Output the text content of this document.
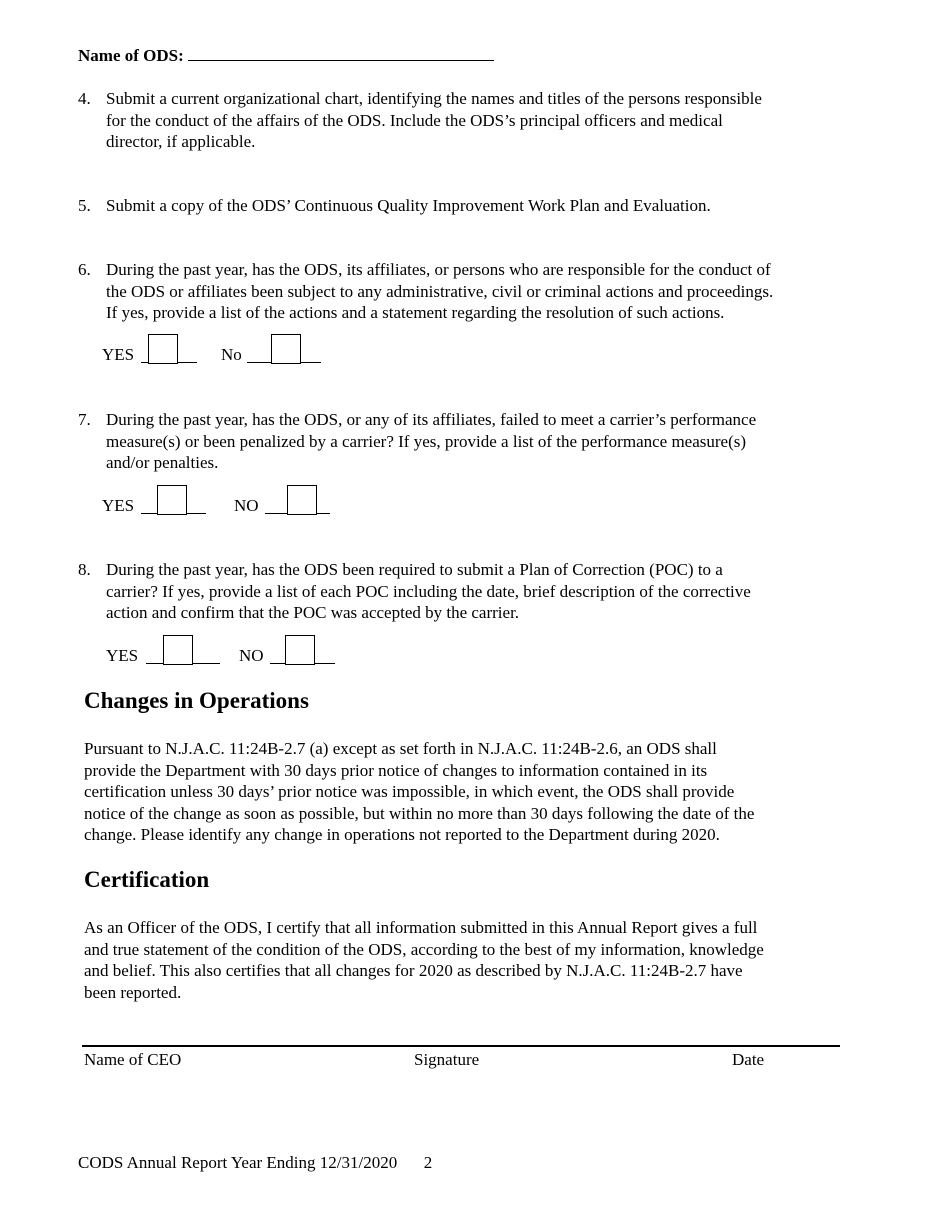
Name of ODS:
4. Submit a current organizational chart, identifying the names and titles of the persons responsible
for the conduct of the affairs of the ODS. Include the ODS’s principal officers and medical
director, if applicable.
5. Submit a copy of the ODS’ Continuous Quality Improvement Work Plan and Evaluation.
6. During the past year, has the ODS, its affiliates, or persons who are responsible for the conduct of
the ODS or affiliates been subject to any administrative, civil or criminal actions and proceedings.
If yes, provide a list of the actions and a statement regarding the resolution of such actions.
YES	No
7. During the past year, has the ODS, or any of its affiliates, failed to meet a carrier’s performance
measure(s) or been penalized by a carrier? If yes, provide a list of the performance measure(s)
and/or penalties.
YES	NO
8. During the past year, has the ODS been required to submit a Plan of Correction (POC) to a
carrier? If yes, provide a list of each POC including the date, brief description of the corrective
action and confirm that the POC was accepted by the carrier.
YES	NO
Changes in Operations
Pursuant to N.J.A.C. 11:24B-2.7 (a) except as set forth in N.J.A.C. 11:24B-2.6, an ODS shall
provide the Department with 30 days prior notice of changes to information contained in its
certification unless 30 days’ prior notice was impossible, in which event, the ODS shall provide
notice of the change as soon as possible, but within no more than 30 days following the date of the
change. Please identify any change in operations not reported to the Department during 2020.
Certification
As an Officer of the ODS, I certify that all information submitted in this Annual Report gives a full
and true statement of the condition of the ODS, according to the best of my information, knowledge
and belief. This also certifies that all changes for 2020 as described by N.J.A.C. 11:24B-2.7 have
been reported.
Name of CEO	Signature	Date
CODS Annual Report Year Ending 12/31/2020 2
